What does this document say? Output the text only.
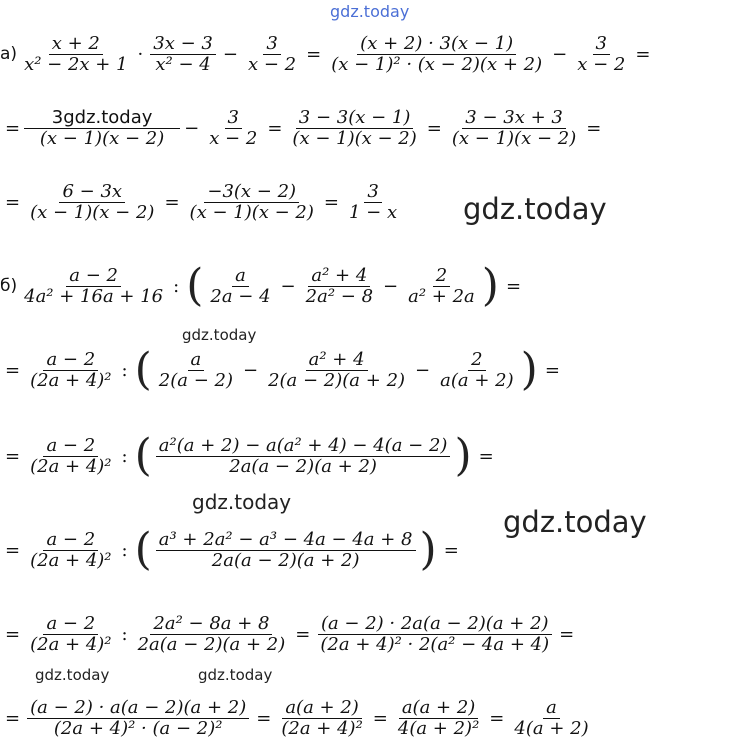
gdz.today
gdz.today
gdz.today
gdz.today
gdz.today
gdz.today	gdz.today
$а) \frac{x + 2}{\text{x² − 2x + 1}} \cdot \frac{3x - 3}{\text{x² − 4}} - \frac{3}{x - 2} = \frac{(x + 2) \cdot 3(x - 1)}{\text{(x − 1)² · (x − 2)(x + 2)}} - \frac{3}{x - 2}$ =
= $\frac{\text{3gdz.today}}{(x - 1)(x - 2)} - \frac{3}{x - 2} = \frac{3 - 3(x - 1)}{(x - 1)(x - 2)} = \frac{3 - 3x + 3}{(x - 1)(x - 2)}$ =
= $\frac{6 - 3x}{(x - 1)(x - 2)} = \frac{-3(x - 2)}{(x - 1)(x - 2)} = \frac{3}{1 - x}$
$б) \frac{a - 2}{\text{4a² + 16a + 16}}$ : ( $\frac{a}{2a - 4} - \frac{\text{a² + 4}}{\text{2a² − 8}} - \frac{2}{\text{a² + 2a}}$ ) =
= $\frac{a - 2}{\text{(2a + 4)²}}$ : ( $\frac{a}{2(a - 2)} - \frac{\text{a² + 4}}{2(a - 2)(a + 2)} - \frac{2}{a(a + 2)}$ ) =
= $\frac{a - 2}{\text{(2a + 4)²}}$ : ( $\frac{\text{a²(a + 2) − a(a² + 4) − 4(a − 2)}}{2a(a - 2)(a + 2)}$ ) =
= $\frac{a - 2}{\text{(2a + 4)²}}$ : ( $\frac{\text{a³ + 2a² − a³ − 4a − 4a + 8}}{2a(a - 2)(a + 2)}$ ) =
= $\frac{a - 2}{\text{(2a + 4)²}}$ : $\frac{\text{2a² − 8a + 8}}{2a(a - 2)(a + 2)} = \frac{(a - 2) \cdot 2a(a - 2)(a + 2)}{\text{(2a + 4)² · 2(a² − 4a + 4)}}$ =
= $\frac{(a - 2) \cdot a(a - 2)(a + 2)}{\text{(2a + 4)² · (a − 2)²}} = \frac{a(a + 2)}{\text{(2a + 4)²}} = \frac{a(a + 2)}{\text{4(a + 2)²}} = \frac{a}{4(a + 2)}$
